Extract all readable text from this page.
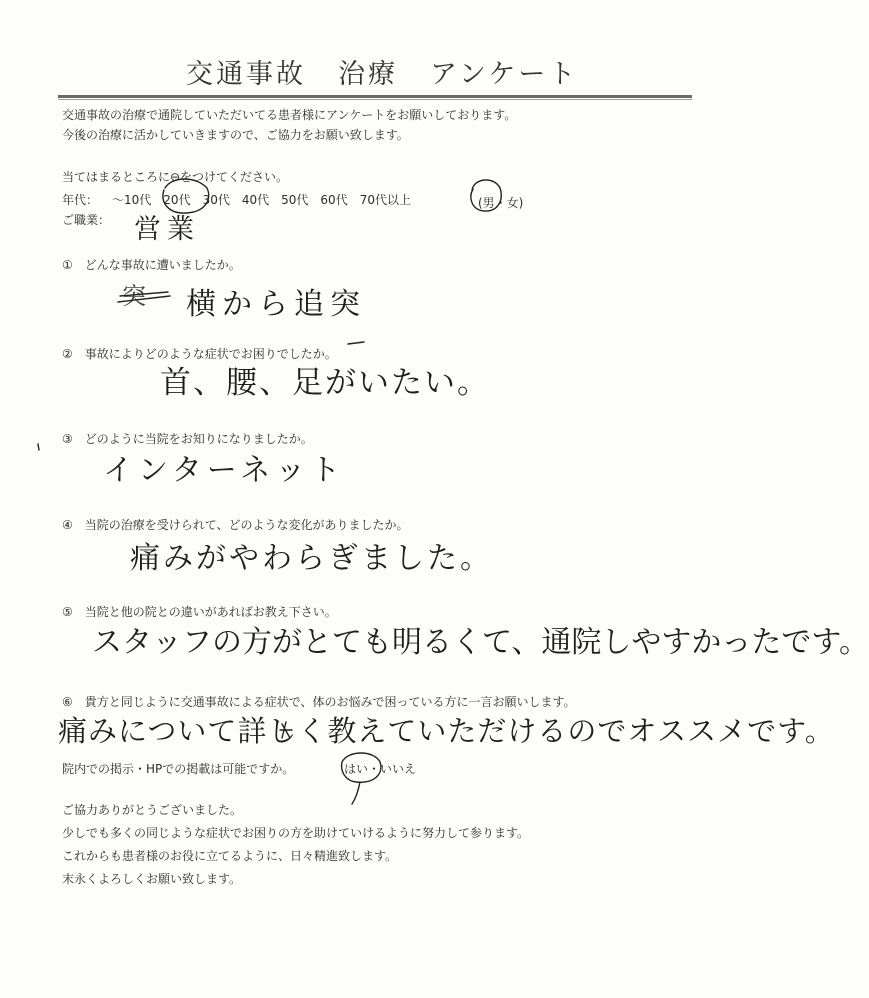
交通事故 治療 アンケート
交通事故の治療で通院していただいてる患者様にアンケートをお願いしております。
今後の治療に活かしていきますので、ご協力をお願い致します。
当てはまるところに⊖をつけてください。
年代： ～10代 20代 30代 40代 50代 60代 70代以上	(男・女)
ご職業： 営業
①　どんな事故に遭いましたか。
突 横から追突
②　事故によりどのような症状でお困りでしたか。
首、腰、足がいたい。
③　どのように当院をお知りになりましたか。
インターネット
④　当院の治療を受けられて、どのような変化がありましたか。
痛みがやわらぎました。
⑤　当院と他の院との違いがあればお教え下さい。
スタッフの方がとても明るくて、通院しやすかったです。
⑥　貴方と同じように交通事故による症状で、体のお悩みで困っている方に一言お願いします。
痛みについて詳しく教えていただけるのでオススメです。
院内での掲示・HPでの掲載は可能ですか。	はい・いいえ
ご協力ありがとうございました。
少しでも多くの同じような症状でお困りの方を助けていけるように努力して参ります。
これからも患者様のお役に立てるように、日々精進致します。
末永くよろしくお願い致します。
